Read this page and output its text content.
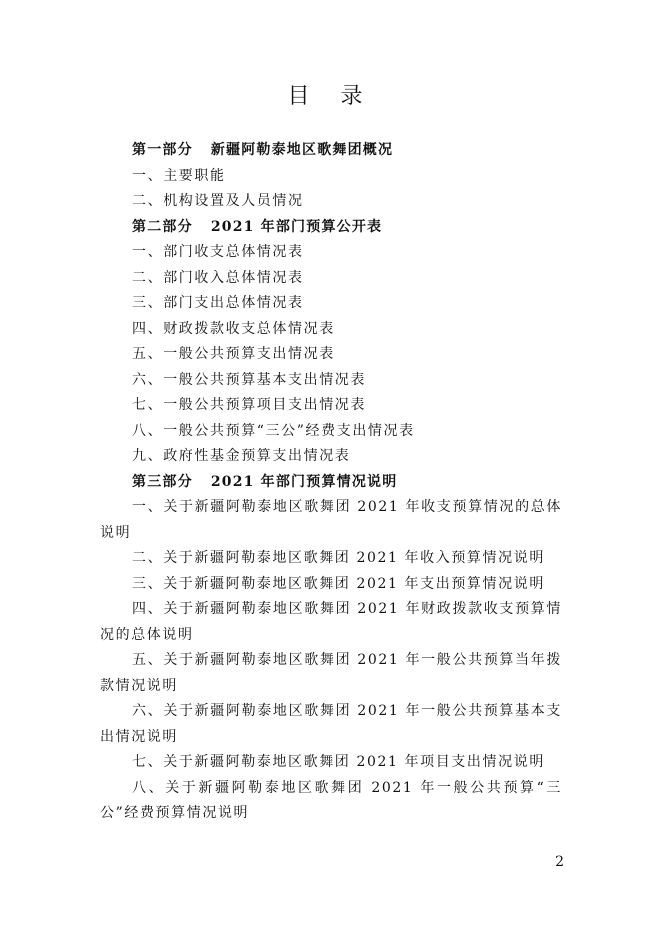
目 录
第一部分 新疆阿勒泰地区歌舞团概况
一、主要职能
二、机构设置及人员情况
第二部分 2021 年部门预算公开表
一、部门收支总体情况表
二、部门收入总体情况表
三、部门支出总体情况表
四、财政拨款收支总体情况表
五、一般公共预算支出情况表
六、一般公共预算基本支出情况表
七、一般公共预算项目支出情况表
八、一般公共预算“三公”经费支出情况表
九、政府性基金预算支出情况表
第三部分 2021 年部门预算情况说明
一、关于新疆阿勒泰地区歌舞团 2021 年收支预算情况的总体说明
二、关于新疆阿勒泰地区歌舞团 2021 年收入预算情况说明
三、关于新疆阿勒泰地区歌舞团 2021 年支出预算情况说明
四、关于新疆阿勒泰地区歌舞团 2021 年财政拨款收支预算情况的总体说明
五、关于新疆阿勒泰地区歌舞团 2021 年一般公共预算当年拨款情况说明
六、关于新疆阿勒泰地区歌舞团 2021 年一般公共预算基本支出情况说明
七、关于新疆阿勒泰地区歌舞团 2021 年项目支出情况说明
八、关于新疆阿勒泰地区歌舞团 2021 年一般公共预算“三公”经费预算情况说明
2
